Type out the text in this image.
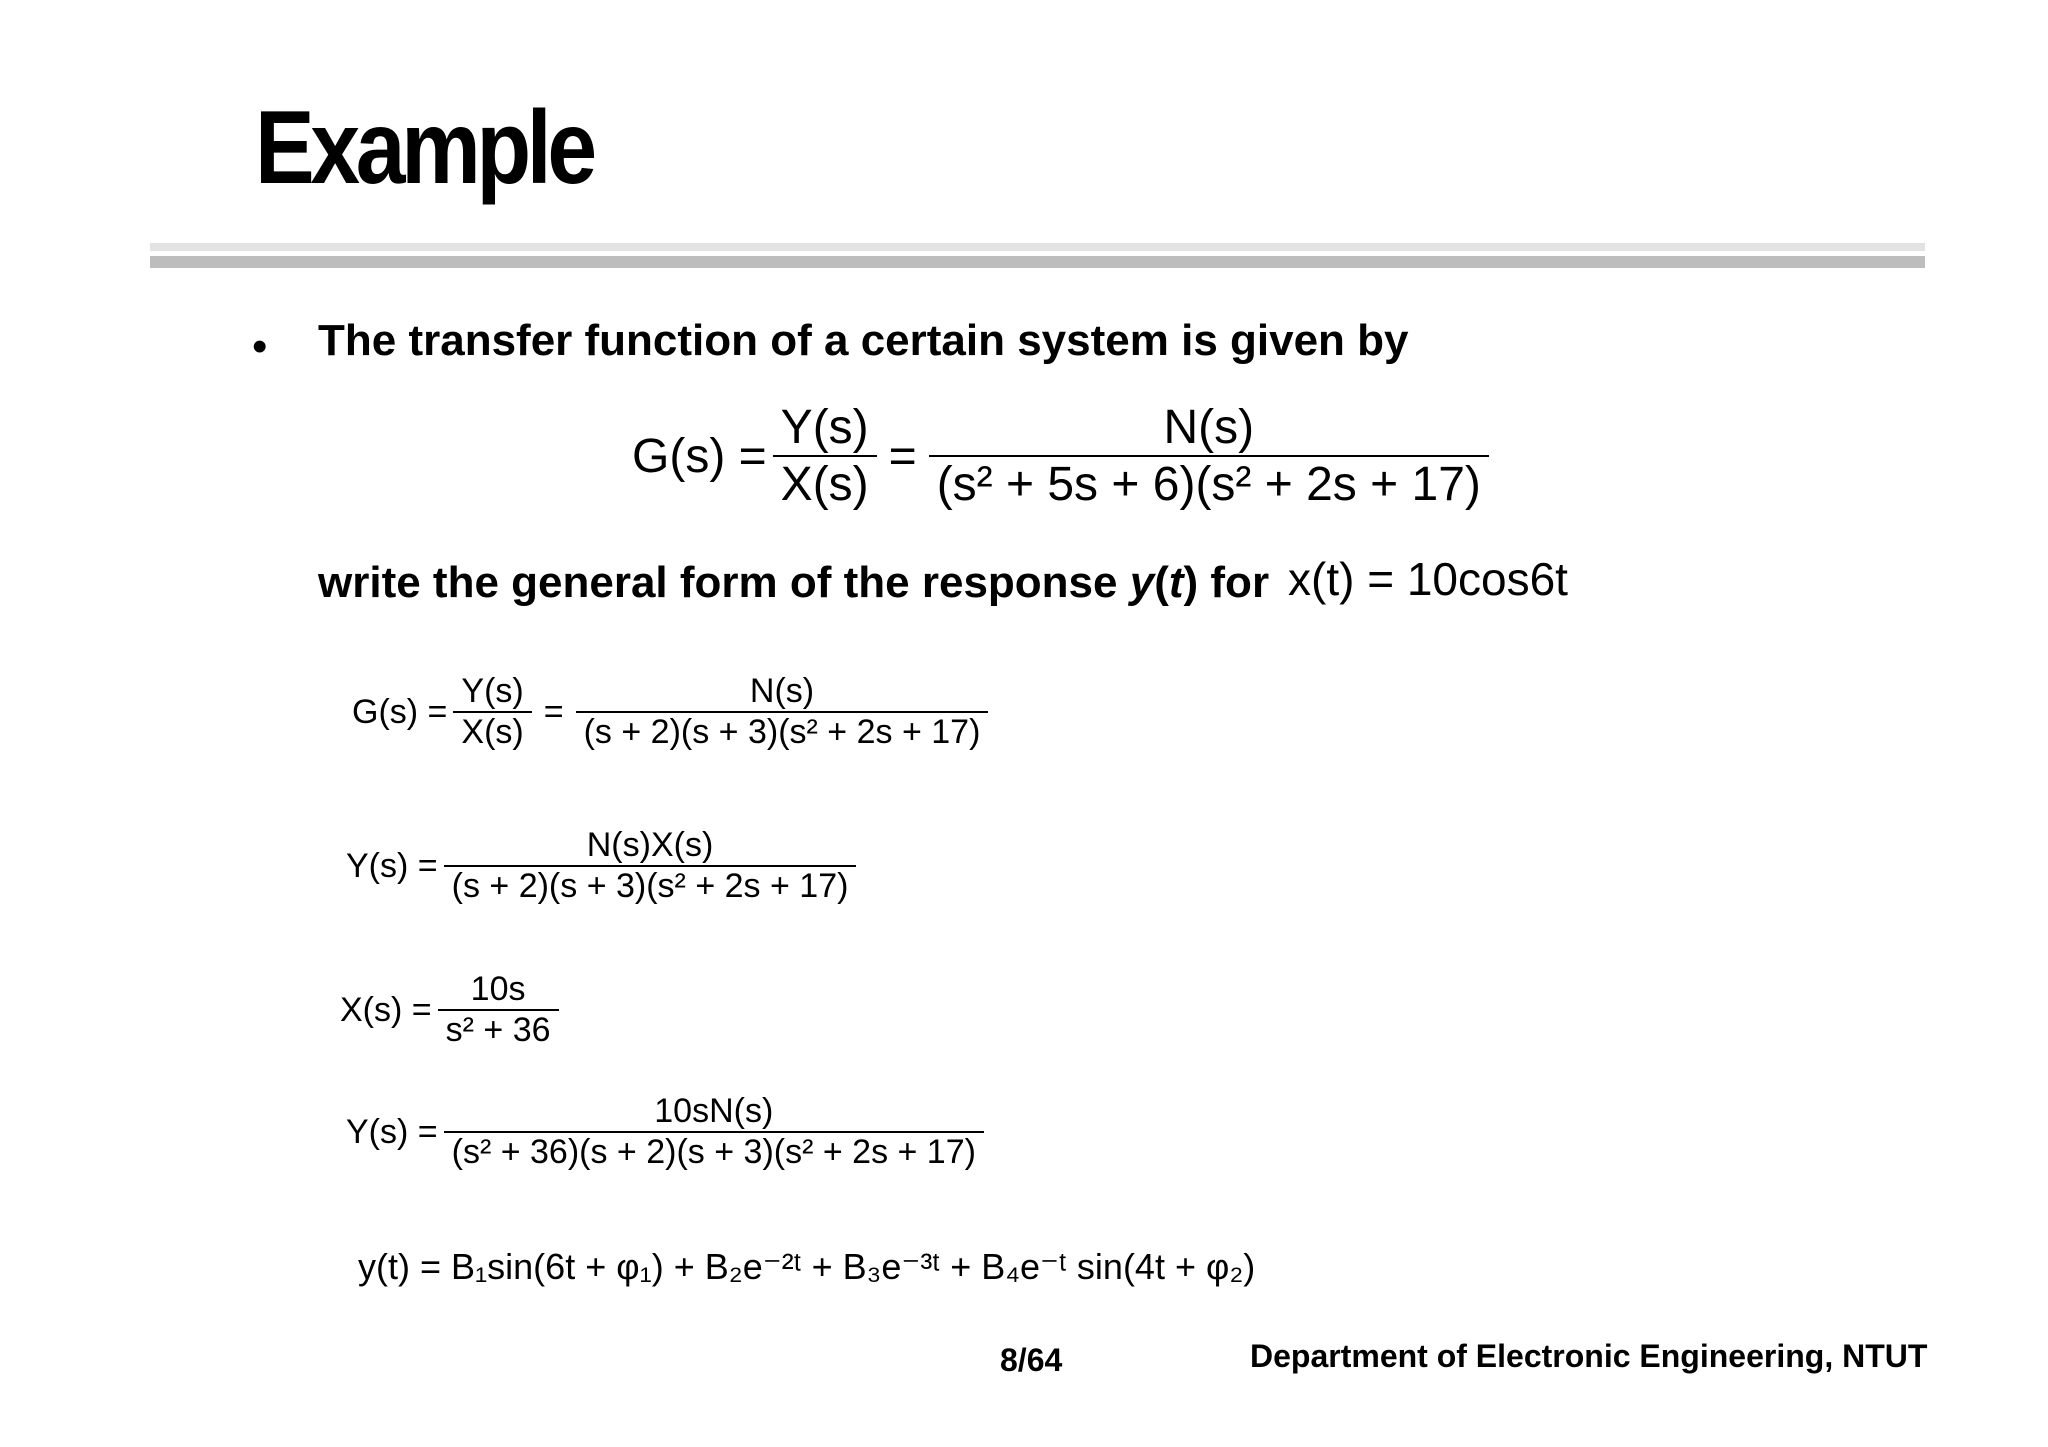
Example
• The transfer function of a certain system is given by
$G(s) = \frac{Y(s)}{X(s)} = \frac{N(s)}{\text{(s² + 5s + 6)(s² + 2s + 17)}}$
write the general form of the response y(t) for x(t) = 10cos6t
$G(s) = \frac{Y(s)}{X(s)} = \frac{N(s)}{\text{(s + 2)(s + 3)(s² + 2s + 17)}}$
$Y(s) = \frac{N(s)X(s)}{\text{(s + 2)(s + 3)(s² + 2s + 17)}}$
$X(s) = \frac{10s}{\text{s² + 36}}$
$Y(s) = \frac{10sN(s)}{\text{(s² + 36)(s + 2)(s + 3)(s² + 2s + 17)}}$
y(t) = B₁sin(6t + φ₁) + B₂e⁻²ᵗ + B₃e⁻³ᵗ + B₄e⁻ᵗ sin(4t + φ₂)
8/64	Department of Electronic Engineering, NTUT
